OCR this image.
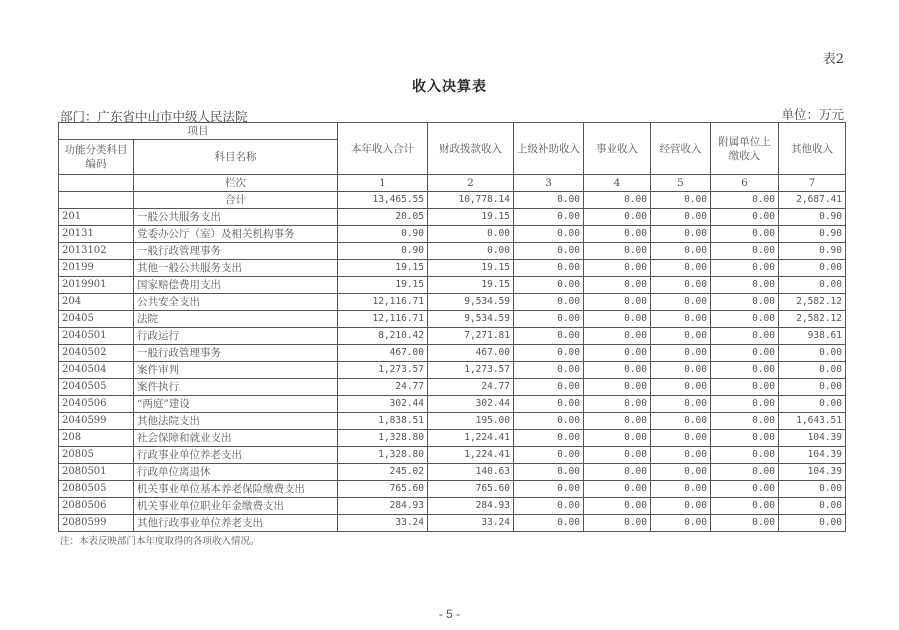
表2
收入决算表
部门：广东省中山市中级人民法院	单位：万元
项目		本年收入合计	财政拨款收入	上级补助收入	事业收入	经营收入	附属单位上缴收入	其他收入
功能分类科目编码	科目名称							
	栏次	1	2	3	4	5	6	7
	合计	13,465.55	10,778.14	0.00	0.00	0.00	0.00	2,687.41
201	一般公共服务支出	20.05	19.15	0.00	0.00	0.00	0.00	0.90
20131	党委办公厅（室）及相关机构事务	0.90	0.00	0.00	0.00	0.00	0.00	0.90
2013102	一般行政管理事务	0.90	0.00	0.00	0.00	0.00	0.00	0.90
20199	其他一般公共服务支出	19.15	19.15	0.00	0.00	0.00	0.00	0.00
2019901	国家赔偿费用支出	19.15	19.15	0.00	0.00	0.00	0.00	0.00
204	公共安全支出	12,116.71	9,534.59	0.00	0.00	0.00	0.00	2,582.12
20405	法院	12,116.71	9,534.59	0.00	0.00	0.00	0.00	2,582.12
2040501	行政运行	8,210.42	7,271.81	0.00	0.00	0.00	0.00	938.61
2040502	一般行政管理事务	467.00	467.00	0.00	0.00	0.00	0.00	0.00
2040504	案件审判	1,273.57	1,273.57	0.00	0.00	0.00	0.00	0.00
2040505	案件执行	24.77	24.77	0.00	0.00	0.00	0.00	0.00
2040506	“两庭”建设	302.44	302.44	0.00	0.00	0.00	0.00	0.00
2040599	其他法院支出	1,838.51	195.00	0.00	0.00	0.00	0.00	1,643.51
208	社会保障和就业支出	1,328.80	1,224.41	0.00	0.00	0.00	0.00	104.39
20805	行政事业单位养老支出	1,328.80	1,224.41	0.00	0.00	0.00	0.00	104.39
2080501	行政单位离退休	245.02	140.63	0.00	0.00	0.00	0.00	104.39
2080505	机关事业单位基本养老保险缴费支出	765.60	765.60	0.00	0.00	0.00	0.00	0.00
2080506	机关事业单位职业年金缴费支出	284.93	284.93	0.00	0.00	0.00	0.00	0.00
2080599	其他行政事业单位养老支出	33.24	33.24	0.00	0.00	0.00	0.00	0.00
注：本表反映部门本年度取得的各项收入情况。
- 5 -
